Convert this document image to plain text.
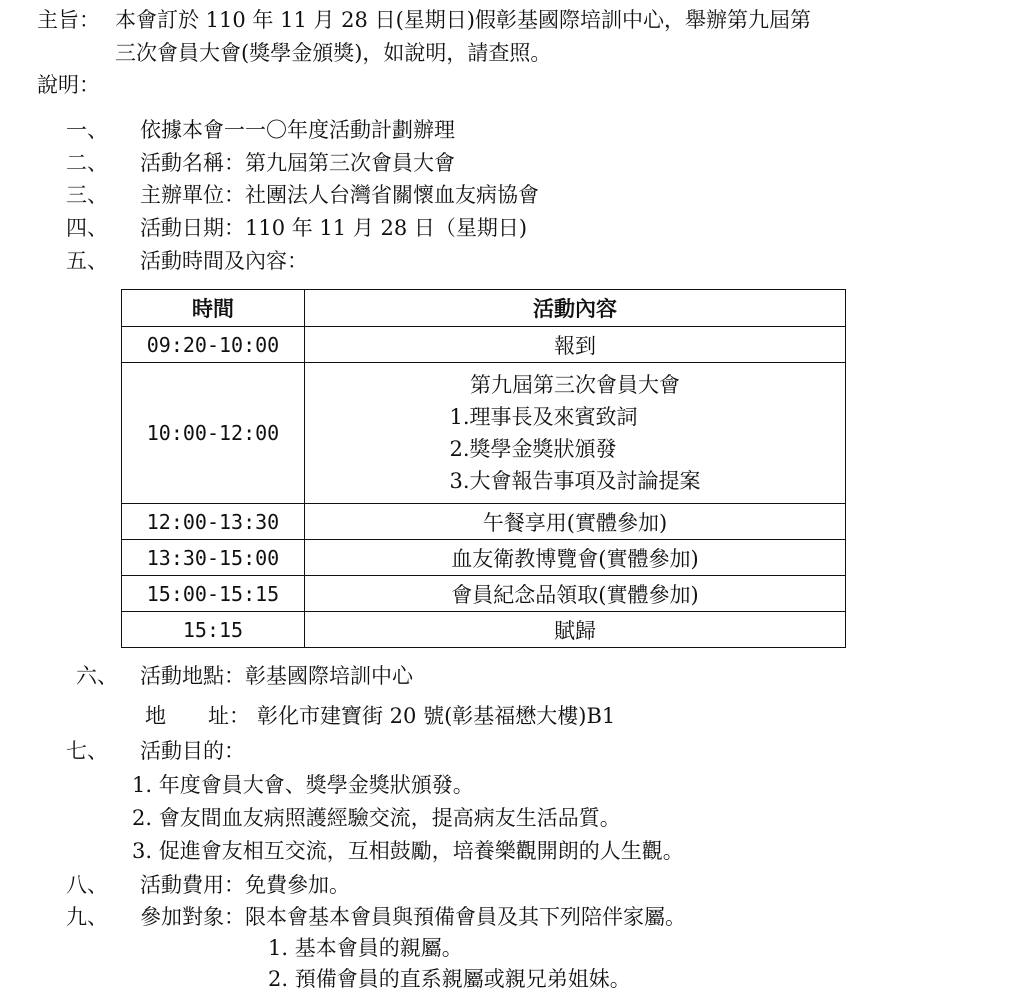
主旨： 本會訂於 110 年 11 月 28 日(星期日)假彰基國際培訓中心，舉辦第九屆第
三次會員大會(獎學金頒獎)，如說明，請查照。
說明：
一、 依據本會一一〇年度活動計劃辦理
二、 活動名稱：第九屆第三次會員大會
三、 主辦單位：社團法人台灣省關懷血友病協會
四、 活動日期：110 年 11 月 28 日（星期日)
五、 活動時間及內容：
時間	活動內容
09:20-10:00	報到
10:00-12:00	第九屆第三次會員大會
1.理事長及來賓致詞
2.獎學金獎狀頒發
3.大會報告事項及討論提案

12:00-13:30	午餐享用(實體參加)
13:30-15:00	血友衛教博覽會(實體參加)
15:00-15:15	會員紀念品領取(實體參加)
15:15	賦歸
六、 活動地點：彰基國際培訓中心
地　　址： 彰化市建寶街 20 號(彰基福懋大樓)B1
七、 活動目的：
1. 年度會員大會、獎學金獎狀頒發。
2. 會友間血友病照護經驗交流，提高病友生活品質。
3. 促進會友相互交流，互相鼓勵，培養樂觀開朗的人生觀。
八、 活動費用：免費參加。
九、 參加對象：限本會基本會員與預備會員及其下列陪伴家屬。
1. 基本會員的親屬。
2. 預備會員的直系親屬或親兄弟姐妹。
